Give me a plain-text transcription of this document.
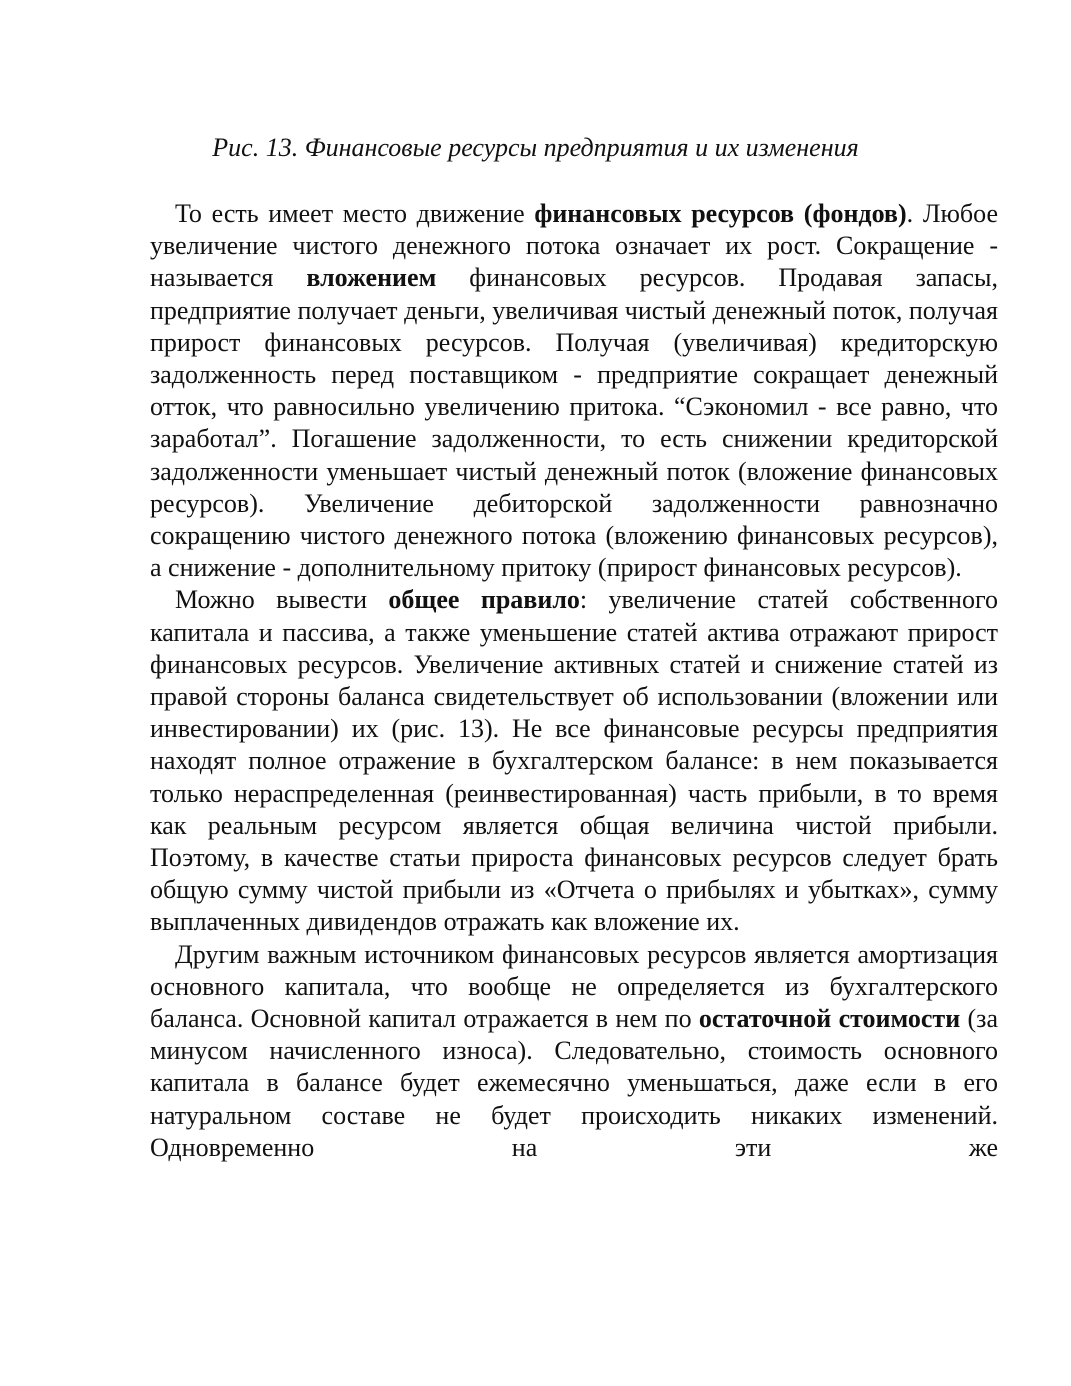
Рис. 13. Финансовые ресурсы предприятия и их изменения

То есть имеет место движение финансовых ресурсов (фондов). Любое увеличение чистого денежного потока означает их рост. Сокращение - называется вложением финансовых ресурсов. Продавая запасы, предприятие получает деньги, увеличивая чистый денежный поток, получая прирост финансовых ресурсов. Получая (увеличивая) кредиторскую задолженность перед поставщиком - предприятие сокращает денежный отток, что равносильно увеличению притока. “Сэкономил - все равно, что заработал”. Погашение задолженности, то есть снижении кредиторской задолженности уменьшает чистый денежный поток (вложение финансовых ресурсов). Увеличение дебиторской задолженности равнозначно сокращению чистого денежного потока (вложению финансовых ресурсов), а снижение - дополнительному притоку (прирост финансовых ресурсов).

Можно вывести общее правило: увеличение статей собственного капитала и пассива, а также уменьшение статей актива отражают прирост финансовых ресурсов. Увеличение активных статей и снижение статей из правой стороны баланса свидетельствует об использовании (вложении или инвестировании) их (рис. 13). Не все финансовые ресурсы предприятия находят полное отражение в бухгалтерском балансе: в нем показывается только нераспределенная (реинвестированная) часть прибыли, в то время как реальным ресурсом является общая величина чистой прибыли. Поэтому, в качестве статьи прироста финансовых ресурсов следует брать общую сумму чистой прибыли из «Отчета о прибылях и убытках», сумму выплаченных дивидендов отражать как вложение их.

Другим важным источником финансовых ресурсов является амортизация основного капитала, что вообще не определяется из бухгалтерского баланса. Основной капитал отражается в нем по остаточной стоимости (за минусом начисленного износа). Следовательно, стоимость основного капитала в балансе будет ежемесячно уменьшаться, даже если в его натуральном составе не будет происходить никаких изменений. Одновременно на эти же
